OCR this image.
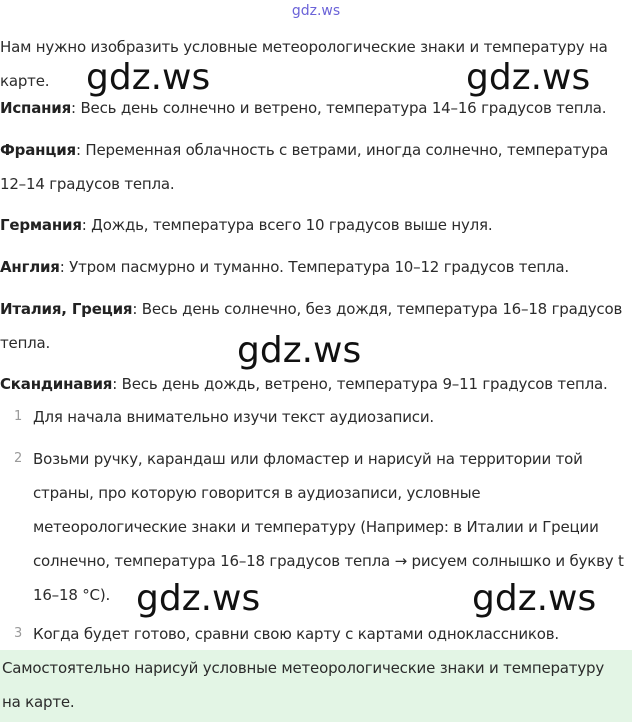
gdz.ws

Нам нужно изобразить условные метеорологические знаки и температуру на карте.

Испания: Весь день солнечно и ветрено, температура 14–16 градусов тепла.

Франция: Переменная облачность с ветрами, иногда солнечно, температура 12–14 градусов тепла.

Германия: Дождь, температура всего 10 градусов выше нуля.

Англия: Утром пасмурно и туманно. Температура 10–12 градусов тепла.

Италия, Греция: Весь день солнечно, без дождя, температура 16–18 градусов тепла.

Скандинавия: Весь день дождь, ветрено, температура 9–11 градусов тепла.

1 Для начала внимательно изучи текст аудиозаписи.
2 Возьми ручку, карандаш или фломастер и нарисуй на территории той страны, про которую говорится в аудиозаписи, условные метеорологические знаки и температуру (Например: в Италии и Греции солнечно, температура 16–18 градусов тепла → рисуем солнышко и букву t 16–18 °C).
3 Когда будет готово, сравни свою карту с картами одноклассников.
Самостоятельно нарисуй условные метеорологические знаки и температуру на карте.
gdz.ws	gdz.ws
gdz.ws
gdz.ws	gdz.ws
